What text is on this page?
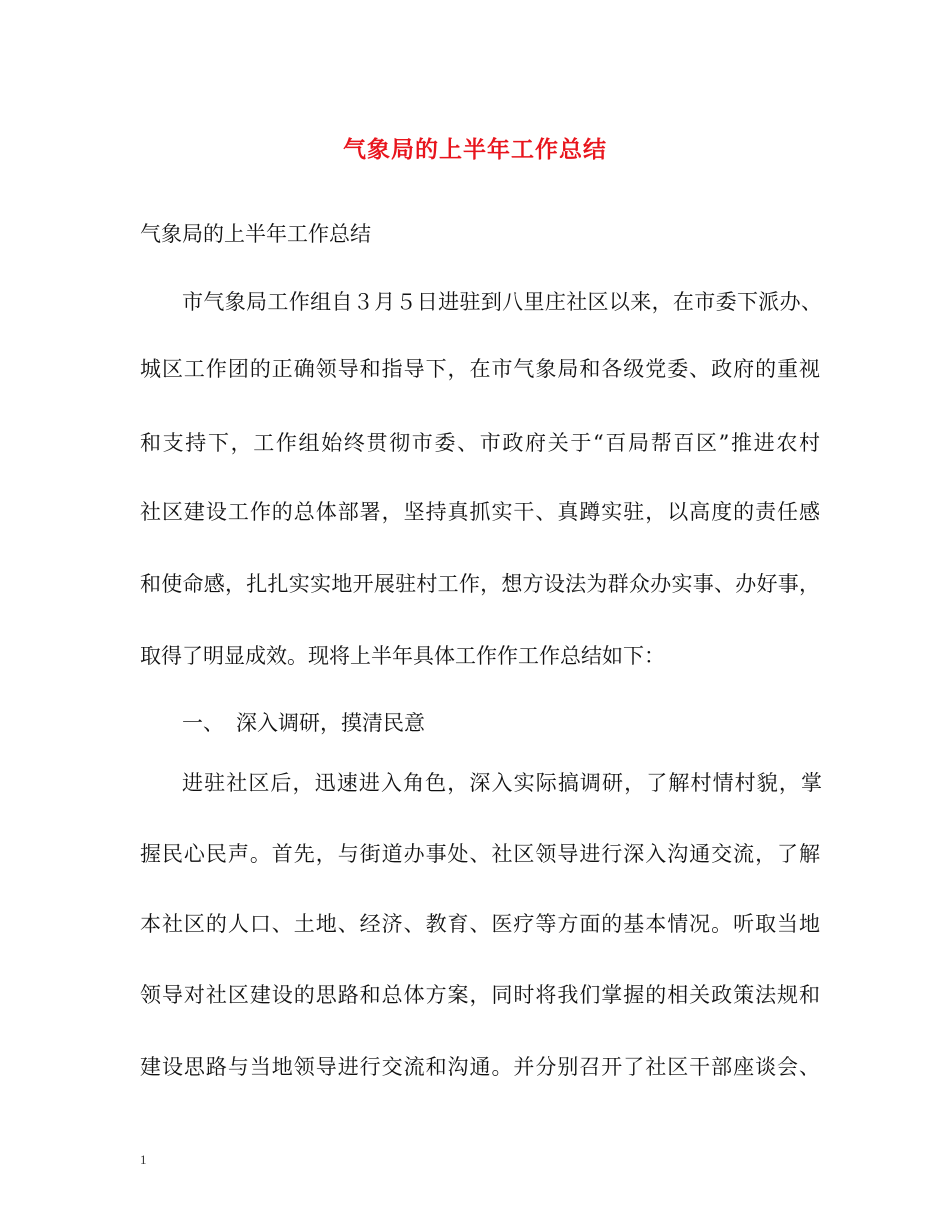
气象局的上半年工作总结
气象局的上半年工作总结
市气象局工作组自３月５日进驻到八里庄社区以来，在市委下派办、
城区工作团的正确领导和指导下，在市气象局和各级党委、政府的重视
和支持下，工作组始终贯彻市委、市政府关于“百局帮百区”推进农村
社区建设工作的总体部署，坚持真抓实干、真蹲实驻，以高度的责任感
和使命感，扎扎实实地开展驻村工作，想方设法为群众办实事、办好事，
取得了明显成效。现将上半年具体工作作工作总结如下：
一、 深入调研，摸清民意
进驻社区后，迅速进入角色，深入实际搞调研，了解村情村貌，掌
握民心民声。首先，与街道办事处、社区领导进行深入沟通交流，了解
本社区的人口、土地、经济、教育、医疗等方面的基本情况。听取当地
领导对社区建设的思路和总体方案，同时将我们掌握的相关政策法规和
建设思路与当地领导进行交流和沟通。并分别召开了社区干部座谈会、
1
